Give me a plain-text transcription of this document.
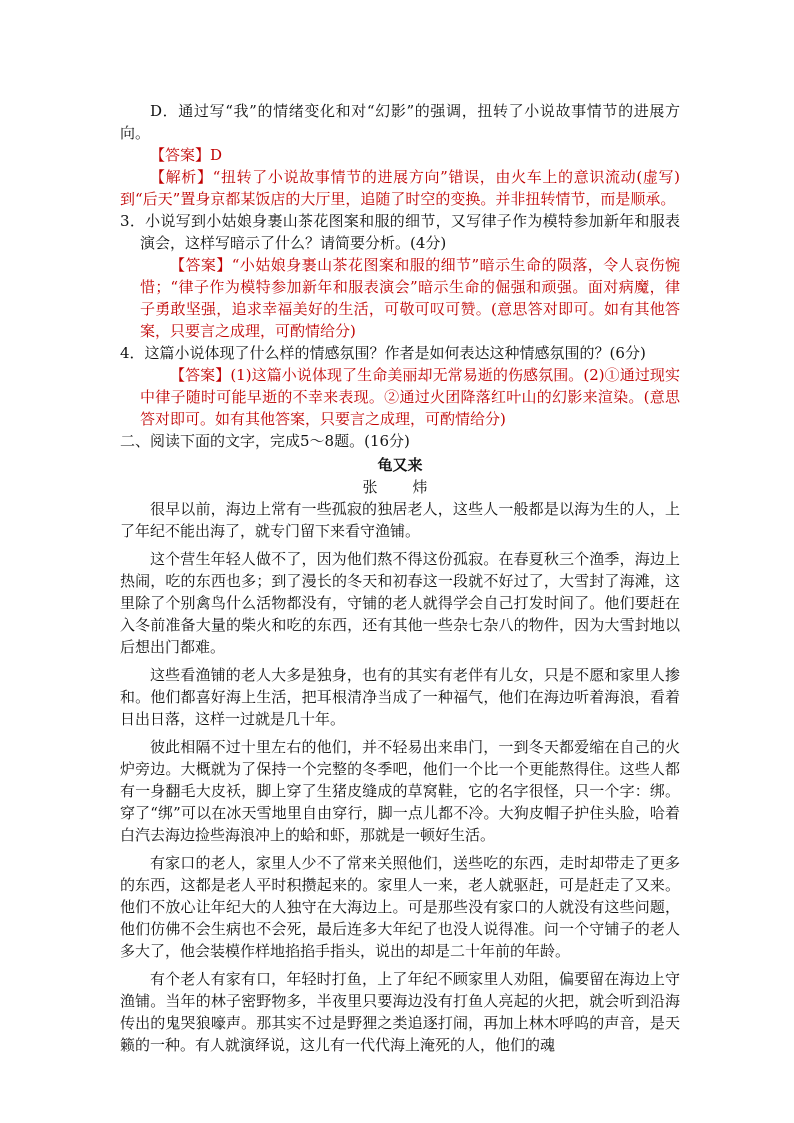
D．通过写“我”的情绪变化和对“幻影”的强调，扭转了小说故事情节的进展方向。

【答案】D

【解析】“扭转了小说故事情节的进展方向”错误，由火车上的意识流动(虚写)到“后天”置身京都某饭店的大厅里，追随了时空的变换。并非扭转情节，而是顺承。

3．小说写到小姑娘身裹山茶花图案和服的细节，又写律子作为模特参加新年和服表演会，这样写暗示了什么？请简要分析。(4分)

【答案】“小姑娘身裹山茶花图案和服的细节”暗示生命的陨落，令人哀伤惋惜；“律子作为模特参加新年和服表演会”暗示生命的倔强和顽强。面对病魔，律子勇敢坚强，追求幸福美好的生活，可敬可叹可赞。(意思答对即可。如有其他答案，只要言之成理，可酌情给分)

4．这篇小说体现了什么样的情感氛围？作者是如何表达这种情感氛围的？(6分)

【答案】(1)这篇小说体现了生命美丽却无常易逝的伤感氛围。(2)①通过现实中律子随时可能早逝的不幸来表现。②通过火团降落红叶山的幻影来渲染。(意思答对即可。如有其他答案，只要言之成理，可酌情给分)

二、阅读下面的文字，完成5～8题。(16分)

龟又来

张　炜

很早以前，海边上常有一些孤寂的独居老人，这些人一般都是以海为生的人，上了年纪不能出海了，就专门留下来看守渔铺。

这个营生年轻人做不了，因为他们熬不得这份孤寂。在春夏秋三个渔季，海边上热闹，吃的东西也多；到了漫长的冬天和初春这一段就不好过了，大雪封了海滩，这里除了个别禽鸟什么活物都没有，守铺的老人就得学会自己打发时间了。他们要赶在入冬前准备大量的柴火和吃的东西，还有其他一些杂七杂八的物件，因为大雪封地以后想出门都难。

这些看渔铺的老人大多是独身，也有的其实有老伴有儿女，只是不愿和家里人掺和。他们都喜好海上生活，把耳根清净当成了一种福气，他们在海边听着海浪，看着日出日落，这样一过就是几十年。

彼此相隔不过十里左右的他们，并不轻易出来串门，一到冬天都爱缩在自己的火炉旁边。大概就为了保持一个完整的冬季吧，他们一个比一个更能熬得住。这些人都有一身翻毛大皮袄，脚上穿了生猪皮缝成的草窝鞋，它的名字很怪，只一个字：绑。穿了“绑”可以在冰天雪地里自由穿行，脚一点儿都不冷。大狗皮帽子护住头脸，哈着白汽去海边捡些海浪冲上的蛤和虾，那就是一顿好生活。

有家口的老人，家里人少不了常来关照他们，送些吃的东西，走时却带走了更多的东西，这都是老人平时积攒起来的。家里人一来，老人就驱赶，可是赶走了又来。他们不放心让年纪大的人独守在大海边上。可是那些没有家口的人就没有这些问题，他们仿佛不会生病也不会死，最后连多大年纪了也没人说得准。问一个守铺子的老人多大了，他会装模作样地掐掐手指头，说出的却是二十年前的年龄。

有个老人有家有口，年轻时打鱼，上了年纪不顾家里人劝阻，偏要留在海边上守渔铺。当年的林子密野物多，半夜里只要海边没有打鱼人亮起的火把，就会听到沿海传出的鬼哭狼嚎声。那其实不过是野狸之类追逐打闹，再加上林木呼呜的声音，是天籁的一种。有人就演绎说，这儿有一代代海上淹死的人，他们的魂
